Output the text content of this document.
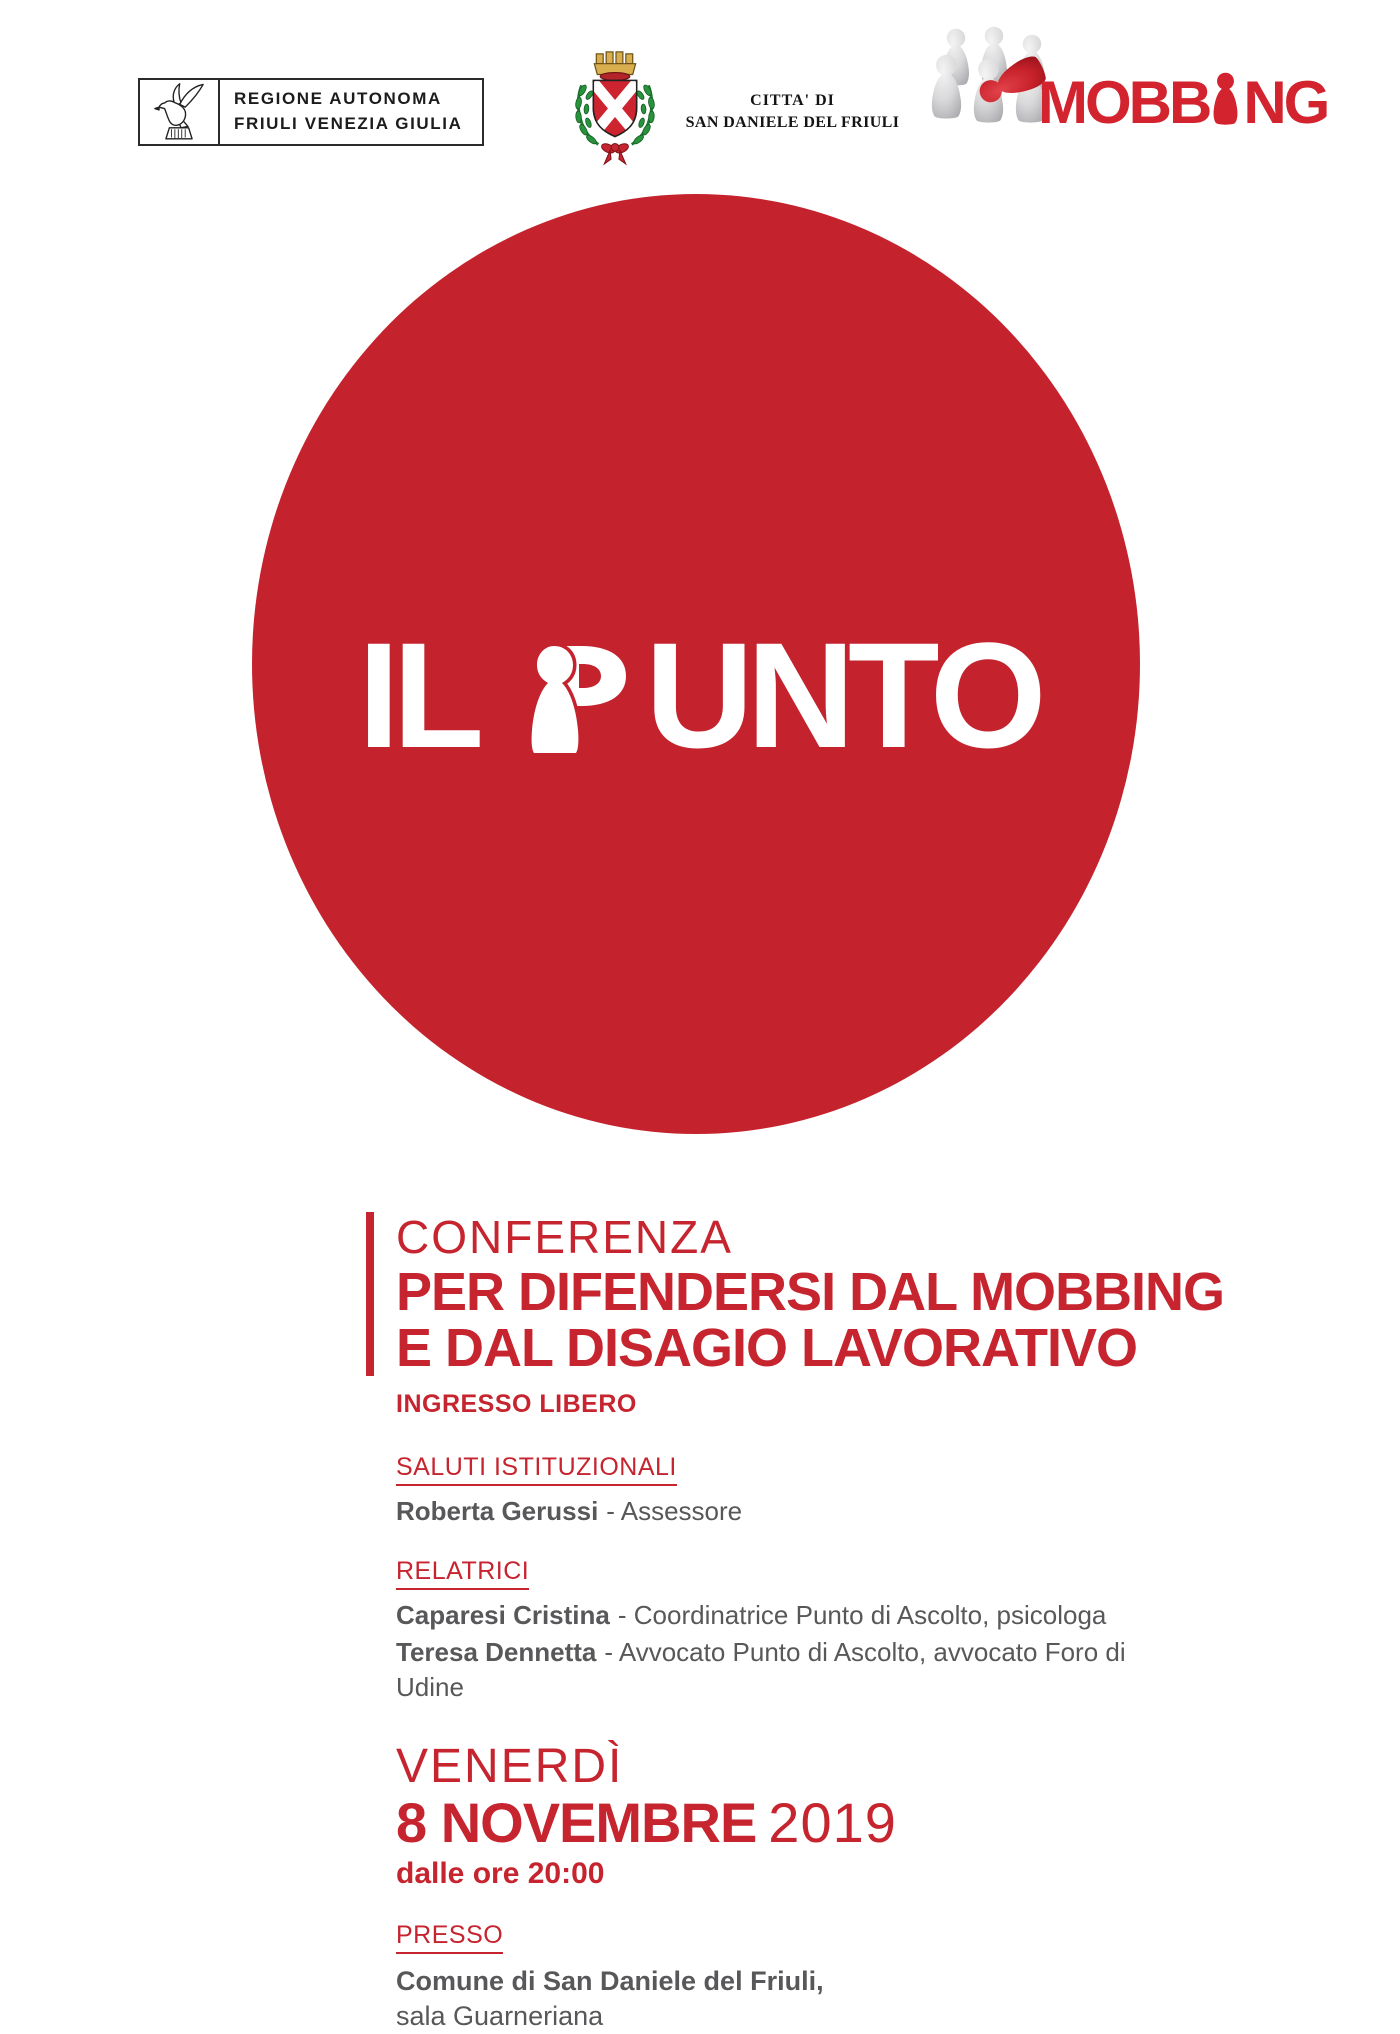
REGIONE AUTONOMA
FRIULI VENEZIA GIULIA
CITTA' DI
SAN DANIELE DEL FRIULI MOBB NG
IL UNTO
CONFERENZA
PER DIFENDERSI DAL MOBBING
E DAL DISAGIO LAVORATIVO
INGRESSO LIBERO
SALUTI ISTITUZIONALI
Roberta Gerussi - Assessore
RELATRICI
Caparesi Cristina - Coordinatrice Punto di Ascolto, psicologa
Teresa Dennetta - Avvocato Punto di Ascolto, avvocato Foro di Udine
VENERDÌ
8 NOVEMBRE 2019
dalle ore 20:00
PRESSO
Comune di San Daniele del Friuli,
sala Guarneriana
